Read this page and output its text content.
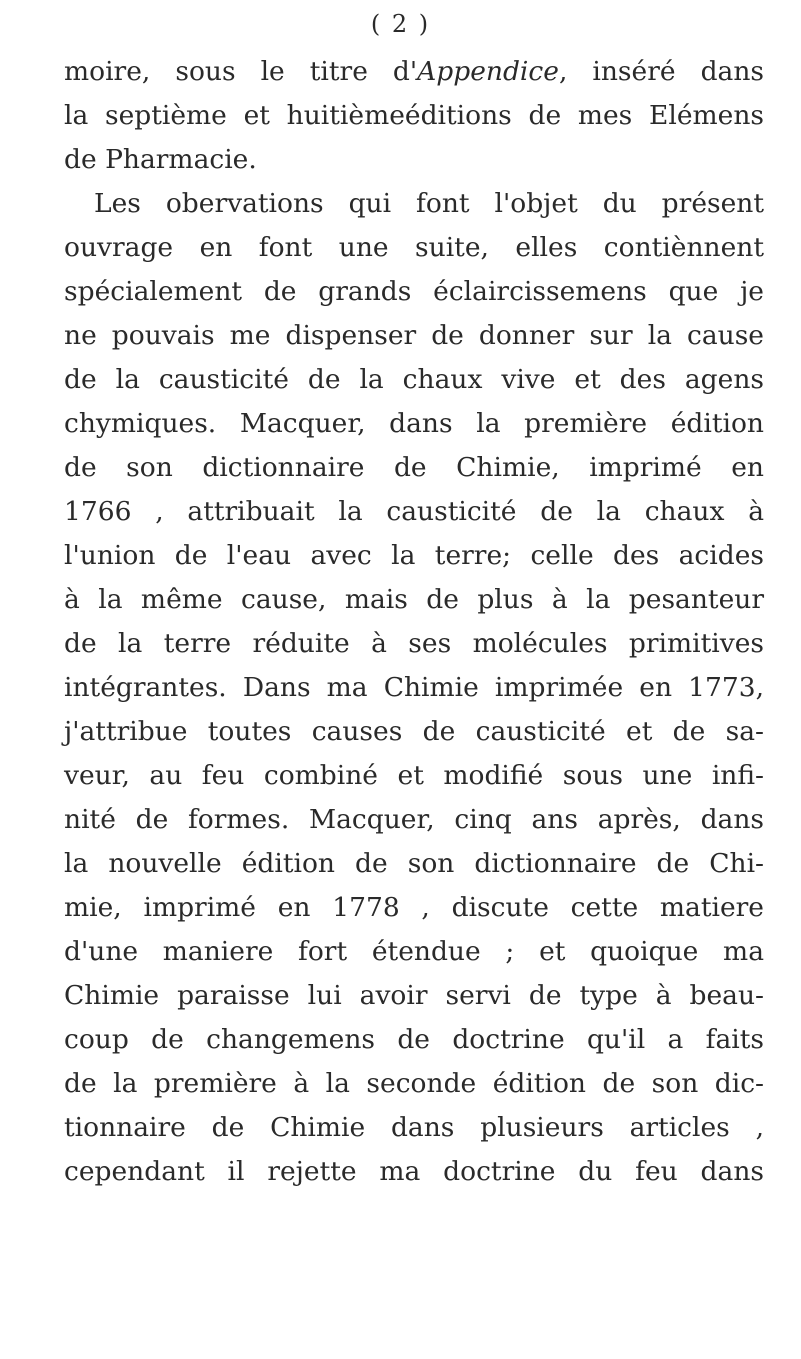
( 2 )
moire, sous le titre d'Appendice, inséré dans
la septième et huitièmeéditions de mes Elémens
de Pharmacie.
Les obervations qui font l'objet du présent
ouvrage en font une suite, elles contiènnent
spécialement de grands éclaircissemens que je
ne pouvais me dispenser de donner sur la cause
de la causticité de la chaux vive et des agens
chymiques. Macquer, dans la première édition
de son dictionnaire de Chimie, imprimé en
1766 , attribuait la causticité de la chaux à
l'union de l'eau avec la terre; celle des acides
à la même cause, mais de plus à la pesanteur
de la terre réduite à ses molécules primitives
intégrantes. Dans ma Chimie imprimée en 1773,
j'attribue toutes causes de causticité et de sa-
veur, au feu combiné et modifié sous une infi-
nité de formes. Macquer, cinq ans après, dans
la nouvelle édition de son dictionnaire de Chi-
mie, imprimé en 1778 , discute cette matiere
d'une maniere fort étendue ; et quoique ma
Chimie paraisse lui avoir servi de type à beau-
coup de changemens de doctrine qu'il a faits
de la première à la seconde édition de son dic-
tionnaire de Chimie dans plusieurs articles ,
cependant il rejette ma doctrine du feu dans
